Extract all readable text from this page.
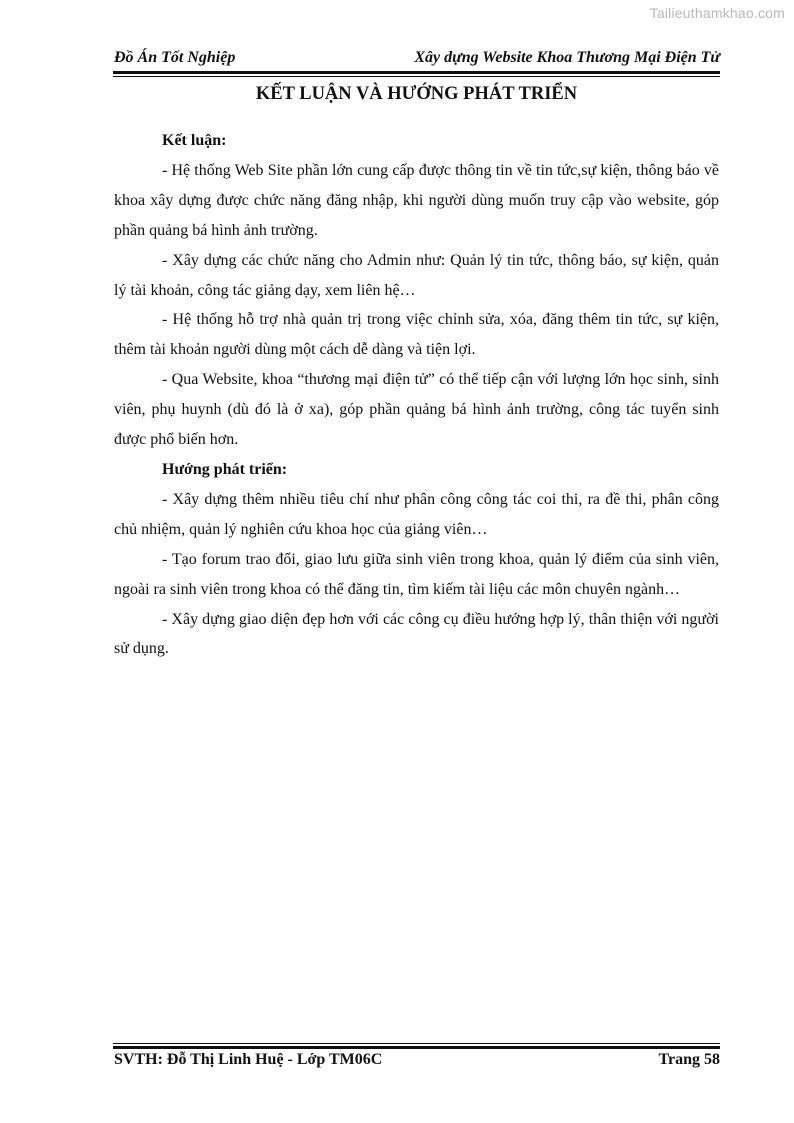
Tailieuthamkhao.com
Đồ Án Tốt Nghiệp	Xây dựng Website Khoa Thương Mại Điện Tử
KẾT LUẬN VÀ HƯỚNG PHÁT TRIỂN

Kết luận:

- Hệ thống Web Site phần lớn cung cấp được thông tin về tin tức,sự kiện, thông báo về khoa xây dựng được chức năng đăng nhập, khi người dùng muốn truy cập vào website, góp phần quảng bá hình ảnh trường.

- Xây dựng các chức năng cho Admin như: Quản lý tin tức, thông báo, sự kiện, quản lý tài khoản, công tác giảng dạy, xem liên hệ…

- Hệ thống hỗ trợ nhà quản trị trong việc chỉnh sửa, xóa, đăng thêm tin tức, sự kiện, thêm tài khoản người dùng một cách dễ dàng và tiện lợi.

- Qua Website, khoa “thương mại điện tử” có thể tiếp cận với lượng lớn học sinh, sinh viên, phụ huynh (dù đó là ở xa), góp phần quảng bá hình ảnh trường, công tác tuyển sinh được phổ biến hơn.

Hướng phát triển:

- Xây dựng thêm nhiều tiêu chí như phân công công tác coi thi, ra đề thi, phân công chủ nhiệm, quản lý nghiên cứu khoa học của giảng viên…

- Tạo forum trao đổi, giao lưu giữa sinh viên trong khoa, quản lý điểm của sinh viên, ngoài ra sinh viên trong khoa có thể đăng tin, tìm kiếm tài liệu các môn chuyên ngành…

- Xây dựng giao diện đẹp hơn với các công cụ điều hướng hợp lý, thân thiện với người sử dụng.

SVTH: Đỗ Thị Linh Huệ - Lớp TM06C	Trang 58
